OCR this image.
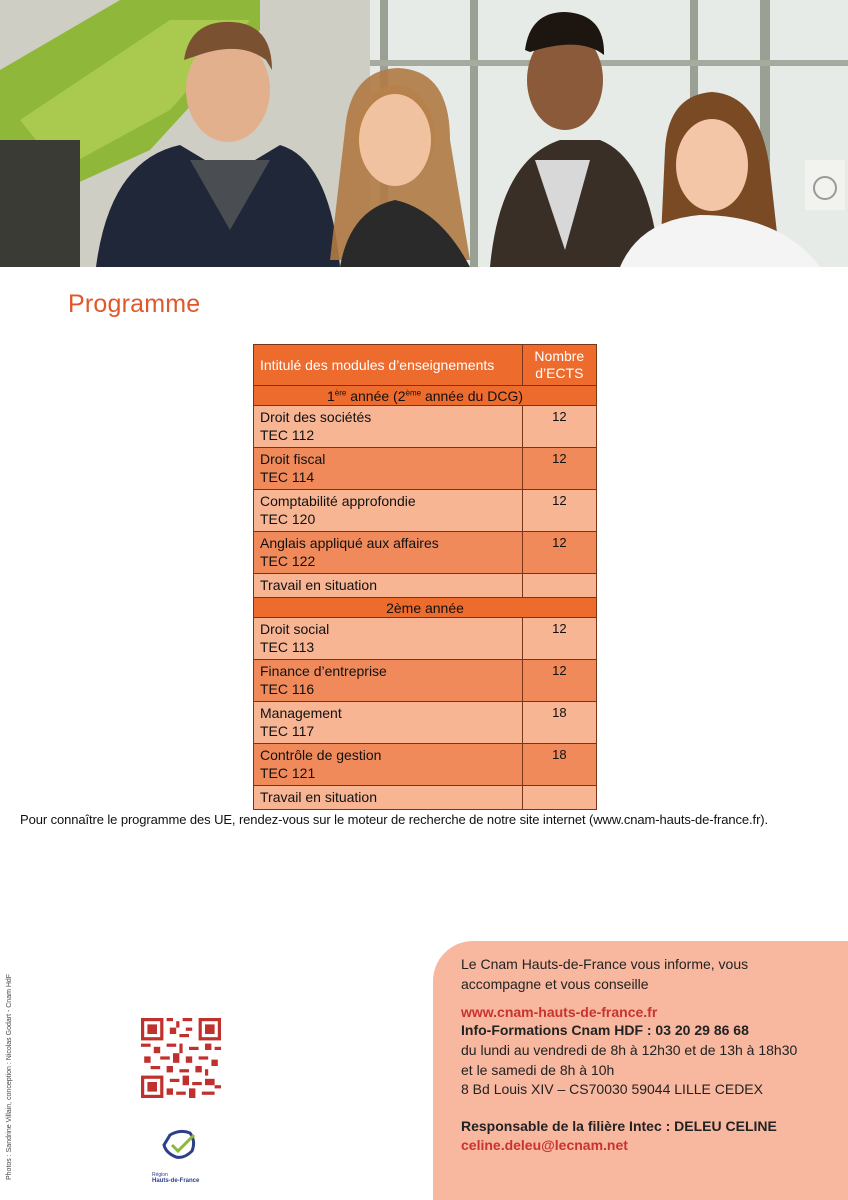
Programme
Intitulé des modules d’enseignements	Nombre
d’ECTS
1ère année (2ème année du DCG)	
Droit des sociétés
TEC 112	12
Droit fiscal
TEC 114	12
Comptabilité approfondie
TEC 120	12
Anglais appliqué aux affaires
TEC 122	12
Travail en situation	
2ème année	
Droit social
TEC 113	12
Finance d’entreprise
TEC 116	12
Management
TEC 117	18
Contrôle de gestion
TEC 121	18
Travail en situation	
Pour connaître le programme des UE, rendez-vous sur le moteur de recherche de notre site internet (www.cnam-hauts-de-france.fr).
Le Cnam Hauts-de-France vous informe, vous accompagne et vous conseille
www.cnam-hauts-de-france.fr
Info-Formations Cnam HDF : 03 20 29 86 68
du lundi au vendredi de 8h à 12h30 et de 13h à 18h30
et le samedi de 8h à 10h
8 Bd Louis XIV – CS70030 59044 LILLE CEDEX
Responsable de la filière Intec : DELEU CELINE
celine.deleu@lecnam.net
Région
Hauts-de-France
Photos : Sandrine Villain, conception : Nicolas Godart - Cnam HdF
